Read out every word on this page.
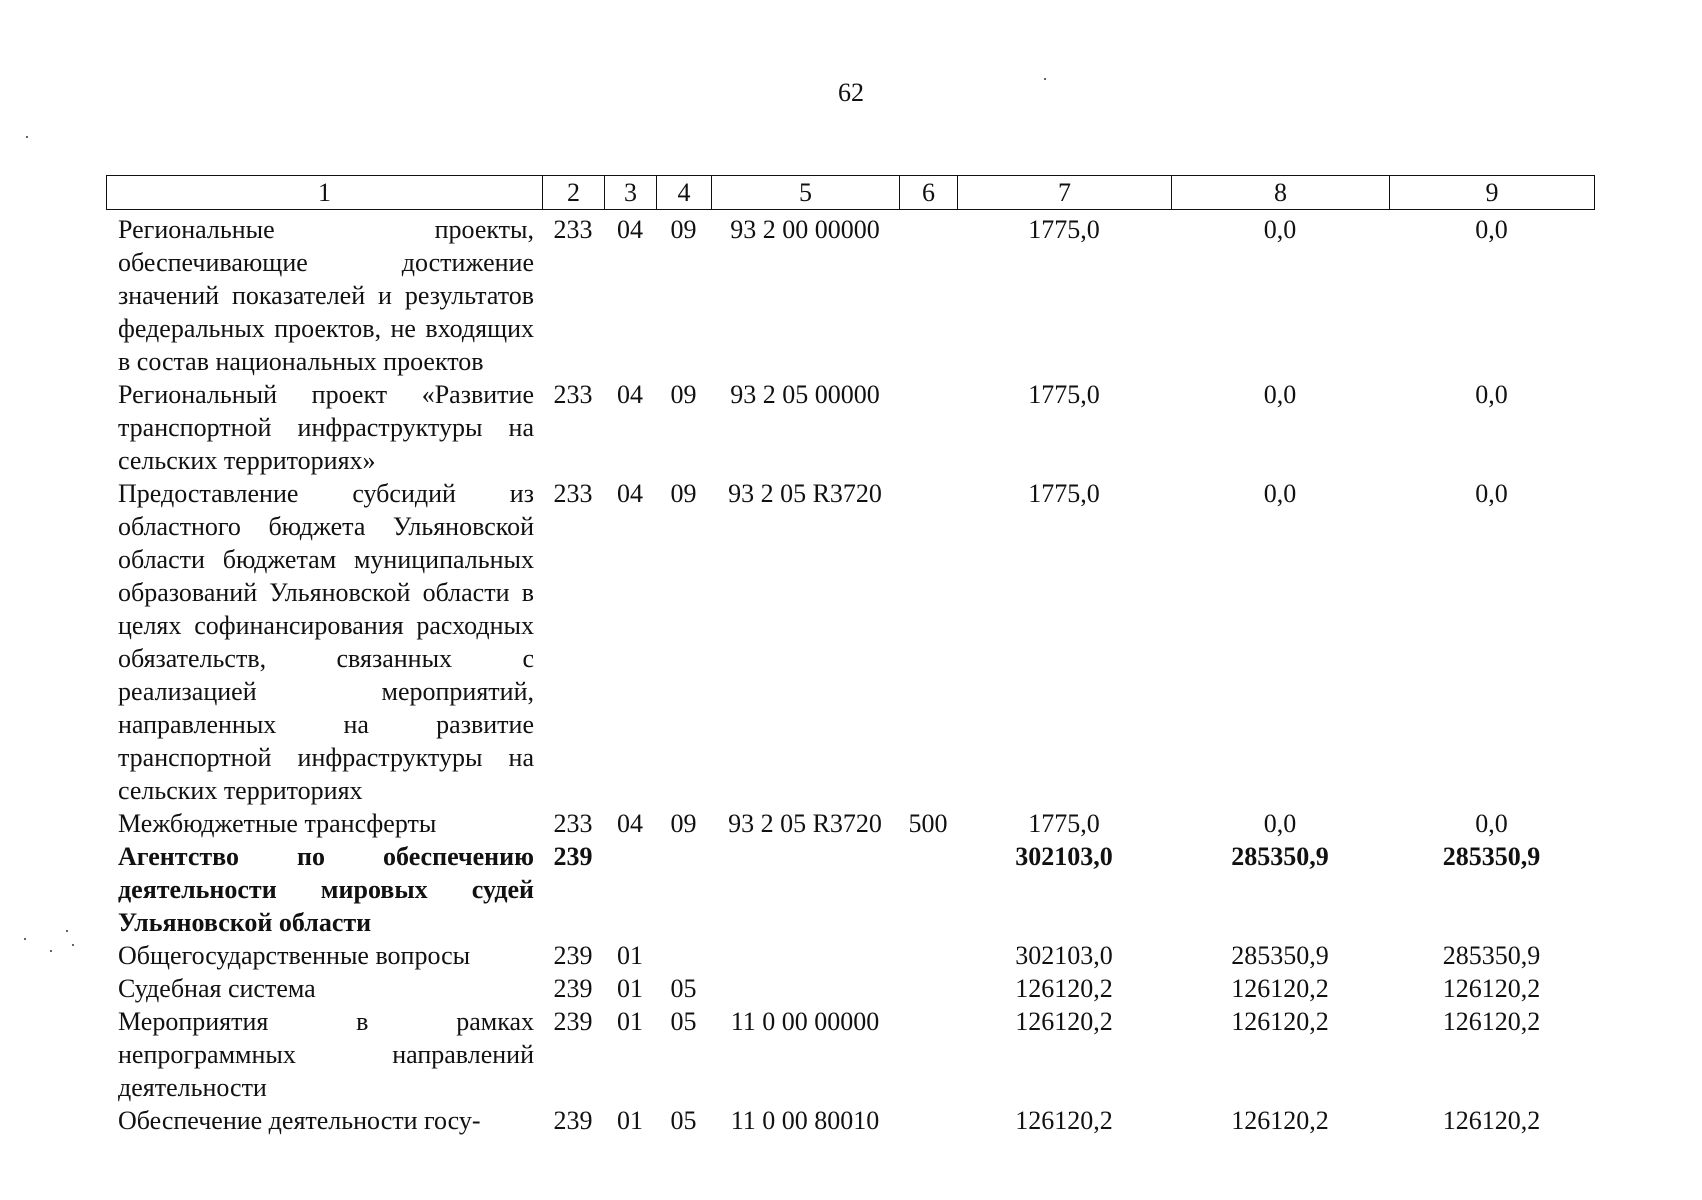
62
1	2	3	4	5	6	7	8	9
Региональные проекты, обеспечивающие достижение значений показателей и результатов федеральных проектов, не входящих в состав национальных проектов	233	04	09	93 2 00 00000		1775,0	0,0	0,0
Региональный проект «Развитие транспортной инфраструктуры на сельских территориях»	233	04	09	93 2 05 00000		1775,0	0,0	0,0
Предоставление субсидий из областного бюджета Ульяновской области бюджетам муниципальных образований Ульяновской области в целях софинансирования расходных обязательств, связанных с реализацией мероприятий, направленных на развитие транспортной инфраструктуры на сельских территориях	233	04	09	93 2 05 R3720		1775,0	0,0	0,0
Межбюджетные трансферты	233	04	09	93 2 05 R3720	500	1775,0	0,0	0,0
Агентство по обеспечению деятельности мировых судей Ульяновской области	239					302103,0	285350,9	285350,9
Общегосударственные вопросы	239	01				302103,0	285350,9	285350,9
Судебная система	239	01	05			126120,2	126120,2	126120,2
Мероприятия в рамках непрограммных направлений деятельности	239	01	05	11 0 00 00000		126120,2	126120,2	126120,2
Обеспечение деятельности госу-	239	01	05	11 0 00 80010		126120,2	126120,2	126120,2
